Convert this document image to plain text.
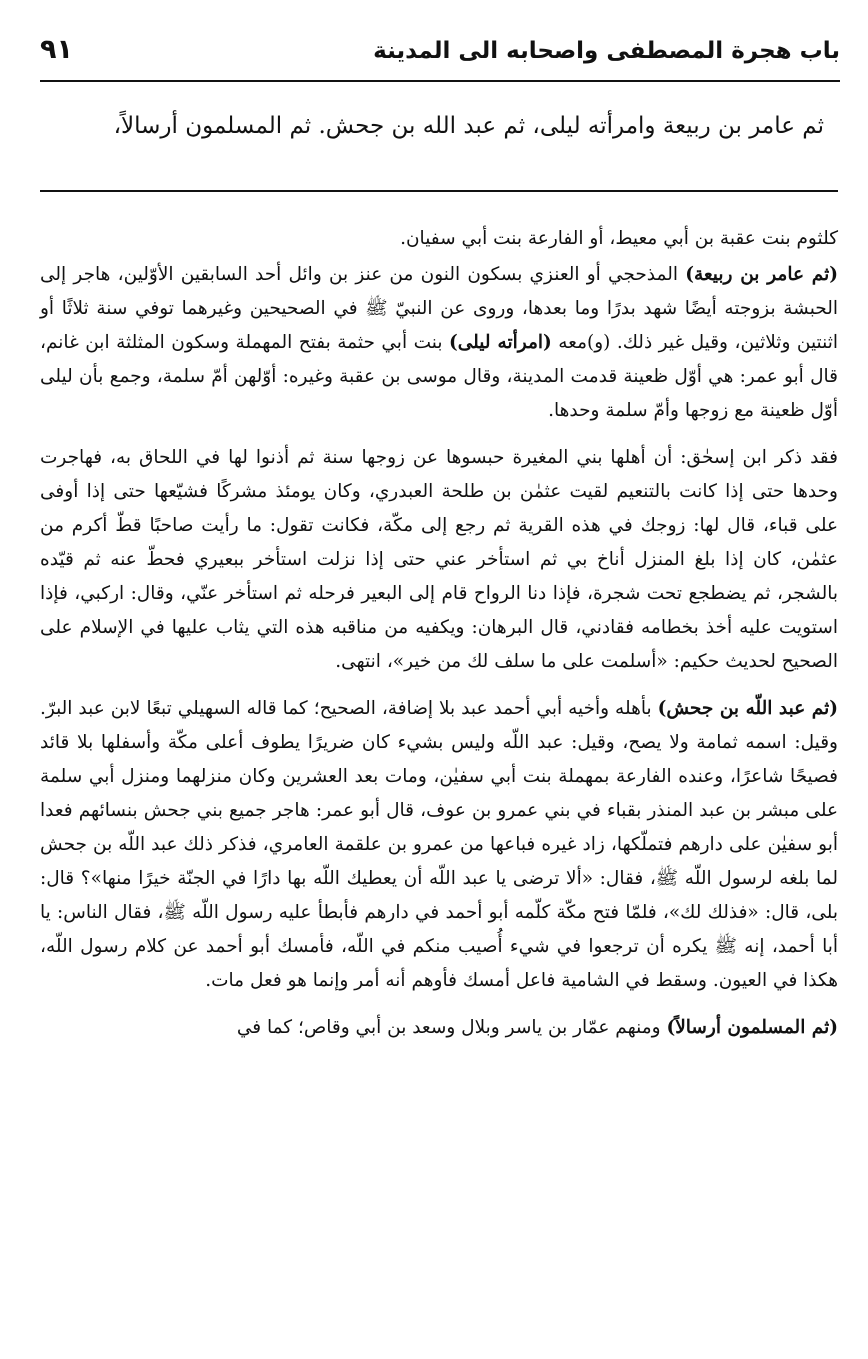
باب هجرة المصطفى واصحابه الى المدينة
٩١
ثم عامر بن ربيعة وامرأته ليلى، ثم عبد الله بن جحش. ثم المسلمون أرسالاً،

كلثوم بنت عقبة بن أبي معيط، أو الفارعة بنت أبي سفيان.

(ثم عامر بن ربيعة) المذحجي أو العنزي بسكون النون من عنز بن وائل أحد السابقين الأوّلين، هاجر إلى الحبشة بزوجته أيضًا شهد بدرًا وما بعدها، وروى عن النبيّ ﷺ في الصحيحين وغيرهما توفي سنة ثلاثًا أو اثنتين وثلاثين، وقيل غير ذلك. (و)معه (امرأته ليلى) بنت أبي حثمة بفتح المهملة وسكون المثلثة ابن غانم، قال أبو عمر: هي أوّل ظعينة قدمت المدينة، وقال موسى بن عقبة وغيره: أوّلهن أمّ سلمة، وجمع بأن ليلى أوّل ظعينة مع زوجها وأمّ سلمة وحدها.

فقد ذكر ابن إسحٰق: أن أهلها بني المغيرة حبسوها عن زوجها سنة ثم أذنوا لها في اللحاق به، فهاجرت وحدها حتى إذا كانت بالتنعيم لقيت عثمٰن بن طلحة العبدري، وكان يومئذ مشركًا فشيّعها حتى إذا أوفى على قباء، قال لها: زوجك في هذه القرية ثم رجع إلى مكّة، فكانت تقول: ما رأيت صاحبًا قطّ أكرم من عثمٰن، كان إذا بلغ المنزل أناخ بي ثم استأخر عني حتى إذا نزلت استأخر ببعيري فحطّ عنه ثم قيّده بالشجر، ثم يضطجع تحت شجرة، فإذا دنا الرواح قام إلى البعير فرحله ثم استأخر عنّي، وقال: اركبي، فإذا استويت عليه أخذ بخطامه فقادني، قال البرهان: ويكفيه من مناقبه هذه التي يثاب عليها في الإسلام على الصحيح لحديث حكيم: «أسلمت على ما سلف لك من خير»، انتهى.

(ثم عبد اللّه بن جحش) بأهله وأخيه أبي أحمد عبد بلا إضافة، الصحيح؛ كما قاله السهيلي تبعًا لابن عبد البرّ. وقيل: اسمه ثمامة ولا يصح، وقيل: عبد اللّه وليس بشيء كان ضريرًا يطوف أعلى مكّة وأسفلها بلا قائد فصيحًا شاعرًا، وعنده الفارعة بمهملة بنت أبي سفيٰن، ومات بعد العشرين وكان منزلهما ومنزل أبي سلمة على مبشر بن عبد المنذر بقباء في بني عمرو بن عوف، قال أبو عمر: هاجر جميع بني جحش بنسائهم فعدا أبو سفيٰن على دارهم فتملّكها، زاد غيره فباعها من عمرو بن علقمة العامري، فذكر ذلك عبد اللّه بن جحش لما بلغه لرسول اللّه ﷺ، فقال: «ألا ترضى يا عبد اللّه أن يعطيك اللّه بها دارًا في الجنّة خيرًا منها»؟ قال: بلى، قال: «فذلك لك»، فلمّا فتح مكّة كلّمه أبو أحمد في دارهم فأبطأ عليه رسول اللّه ﷺ، فقال الناس: يا أبا أحمد، إنه ﷺ يكره أن ترجعوا في شيء أُصيب منكم في اللّه، فأمسك أبو أحمد عن كلام رسول اللّه، هكذا في العيون. وسقط في الشامية فاعل أمسك فأوهم أنه أمر وإنما هو فعل مات.

(ثم المسلمون أرسالاً) ومنهم عمّار بن ياسر وبلال وسعد بن أبي وقاص؛ كما في
